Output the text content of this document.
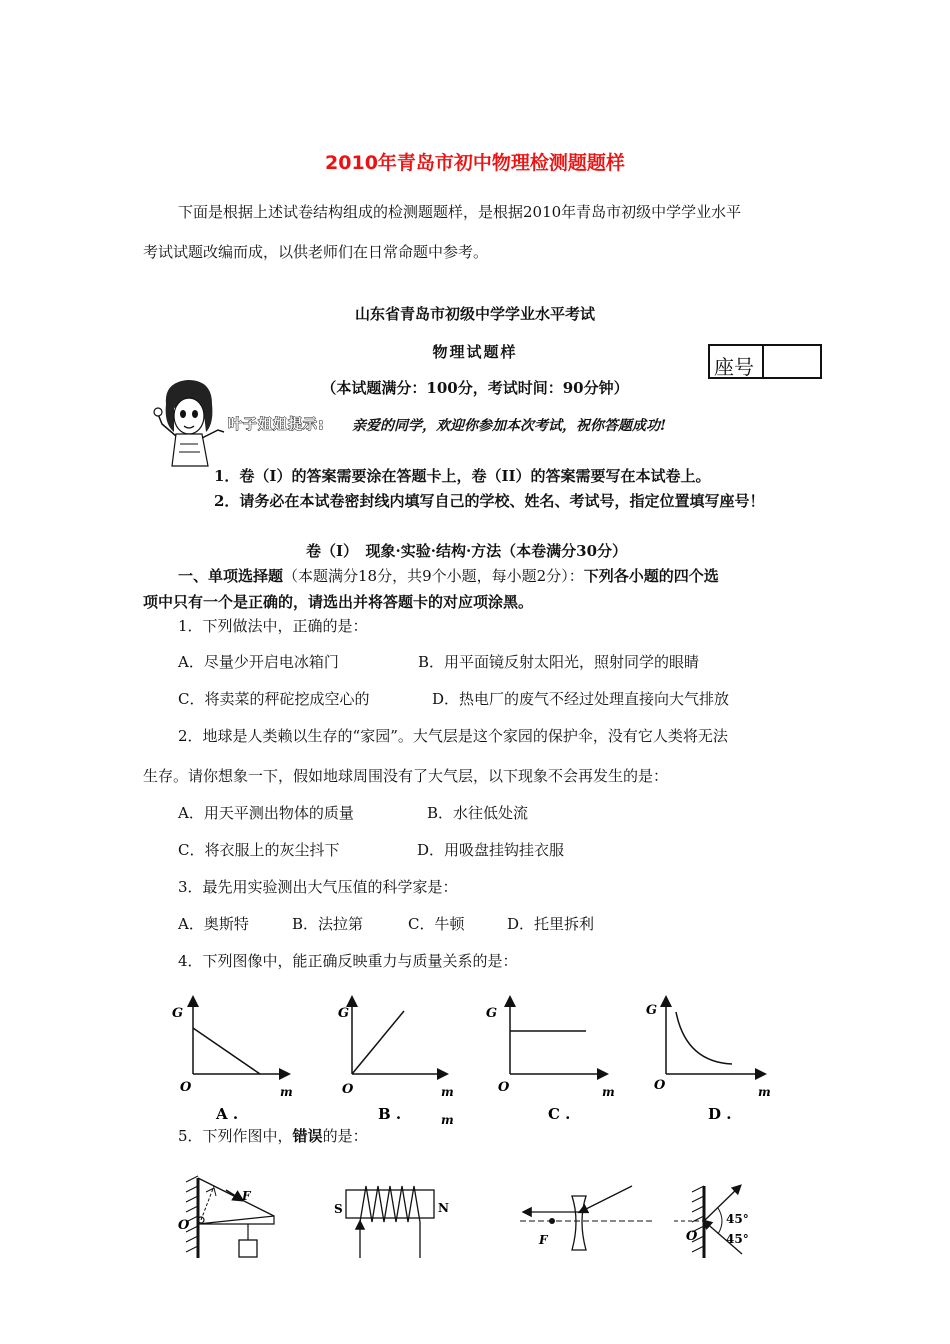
2010年青岛市初中物理检测题题样
下面是根据上述试卷结构组成的检测题题样，是根据2010年青岛市初级中学学业水平
考试试题改编而成，以供老师们在日常命题中参考。
山东省青岛市初级中学学业水平考试
物理试题样
座号
（本试题满分：100分，考试时间：90分钟）
叶子姐姐提示: 亲爱的同学，欢迎你参加本次考试，祝你答题成功!
1．卷（I）的答案需要涂在答题卡上，卷（II）的答案需要写在本试卷上。
2．请务必在本试卷密封线内填写自己的学校、姓名、考试号，指定位置填写座号！
卷（Ⅰ）　现象·实验·结构·方法（本卷满分30分）
一、单项选择题（本题满分18分，共9个小题，每小题2分）：下列各小题的四个选
项中只有一个是正确的，请选出并将答题卡的对应项涂黑。
1．下列做法中，正确的是：
A．尽量少开启电冰箱门	B．用平面镜反射太阳光，照射同学的眼睛
C．将卖菜的秤砣挖成空心的	D．热电厂的废气不经过处理直接向大气排放
2．地球是人类赖以生存的“家园”。大气层是这个家园的保护伞，没有它人类将无法
生存。请你想象一下，假如地球周围没有了大气层，以下现象不会再发生的是：
A．用天平测出物体的质量	B．水往低处流
C．将衣服上的灰尘抖下	D．用吸盘挂钩挂衣服
3．最先用实验测出大气压值的科学家是：
A．奥斯特	B．法拉第	C．牛顿	D．托里拆利
4．下列图像中，能正确反映重力与质量关系的是：
G
O	m
A .
G
O	m
m
B .
G
O	m
C .
G
O	m
D .
5．下列作图中，错误的是：
F
O
S	N
F
45°
45°
O
